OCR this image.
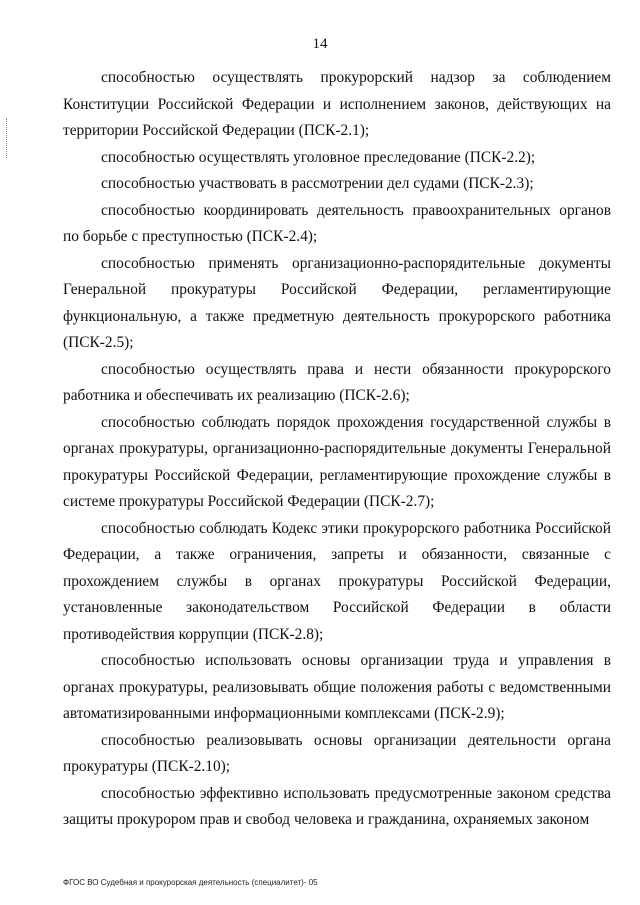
14

способностью осуществлять прокурорский надзор за соблюдением Конституции Российской Федерации и исполнением законов, действующих на территории Российской Федерации (ПСК-2.1);

способностью осуществлять уголовное преследование (ПСК-2.2);

способностью участвовать в рассмотрении дел судами (ПСК-2.3);

способностью координировать деятельность правоохранительных органов по борьбе с преступностью (ПСК-2.4);

способностью применять организационно-распорядительные документы Генеральной прокуратуры Российской Федерации, регламентирующие функциональную, а также предметную деятельность прокурорского работника (ПСК-2.5);

способностью осуществлять права и нести обязанности прокурорского работника и обеспечивать их реализацию (ПСК-2.6);

способностью соблюдать порядок прохождения государственной службы в органах прокуратуры, организационно-распорядительные документы Генеральной прокуратуры Российской Федерации, регламентирующие прохождение службы в системе прокуратуры Российской Федерации (ПСК-2.7);

способностью соблюдать Кодекс этики прокурорского работника Российской Федерации, а также ограничения, запреты и обязанности, связанные с прохождением службы в органах прокуратуры Российской Федерации, установленные законодательством Российской Федерации в области противодействия коррупции (ПСК-2.8);

способностью использовать основы организации труда и управления в органах прокуратуры, реализовывать общие положения работы с ведомственными автоматизированными информационными комплексами (ПСК-2.9);

способностью реализовывать основы организации деятельности органа прокуратуры (ПСК-2.10);

способностью эффективно использовать предусмотренные законом средства защиты прокурором прав и свобод человека и гражданина, охраняемых законом

ФГОС ВО Судебная и прокурорская деятельность (специалитет)- 05
